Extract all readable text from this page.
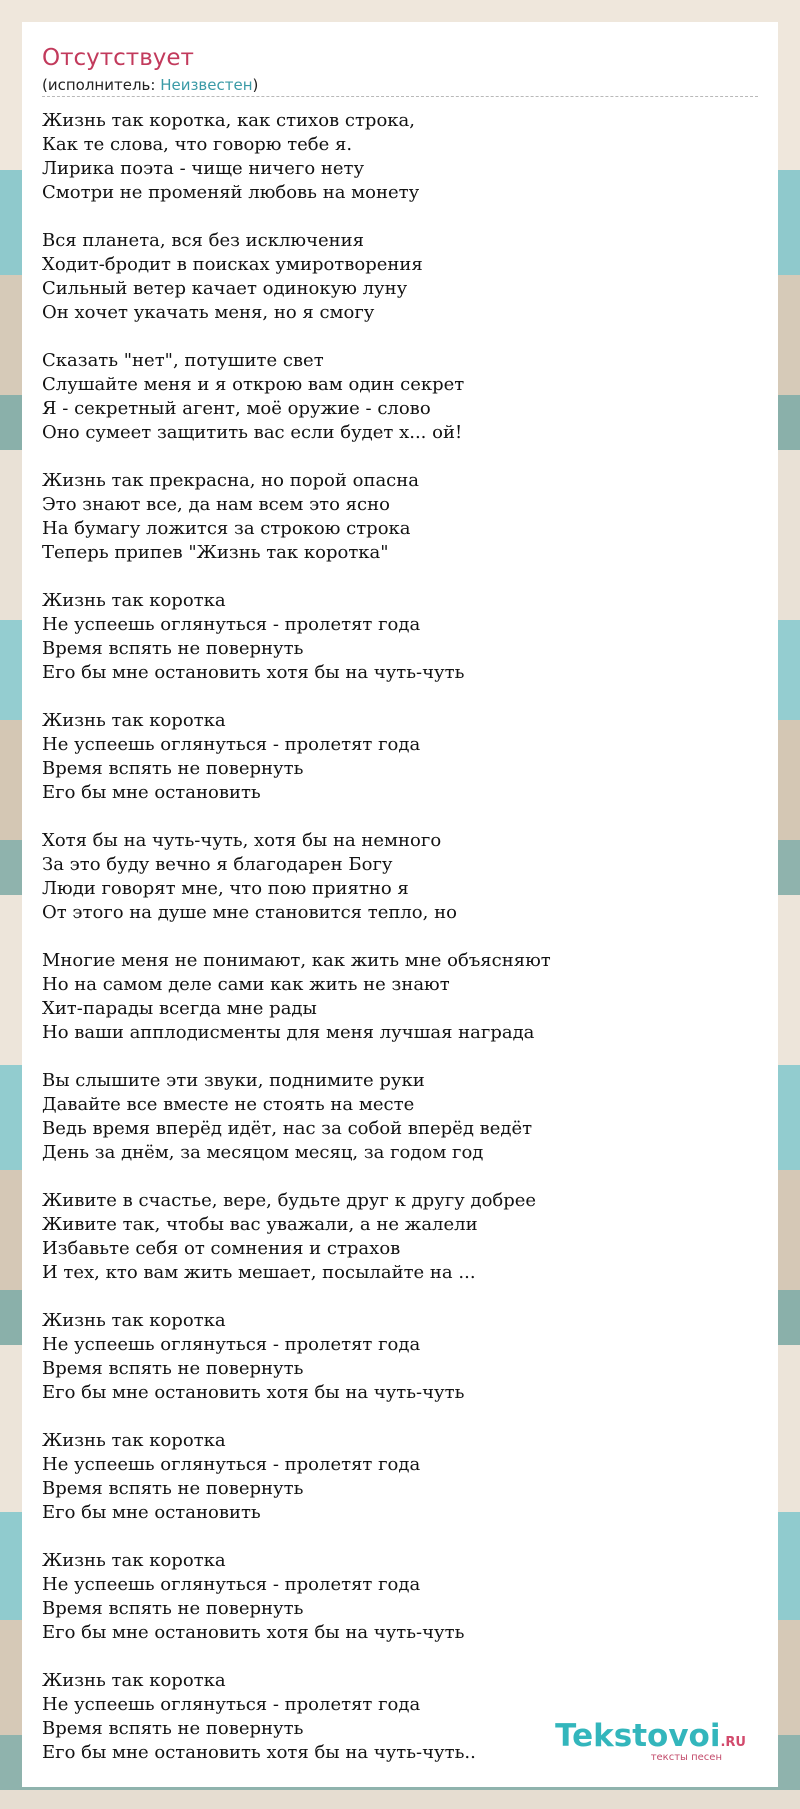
Отсутствует
(исполнитель: Неизвестен)
Жизнь так коротка, как стихов строка,
Как те слова, что говорю тебе я.
Лирика поэта - чище ничего нету
Смотри не променяй любовь на монету
Вся планета, вся без исключения
Ходит-бродит в поисках умиротворения
Сильный ветер качает одинокую луну
Он хочет укачать меня, но я смогу
Сказать "нет", потушите свет
Слушайте меня и я открою вам один секрет
Я - секретный агент, моё оружие - слово
Оно сумеет защитить вас если будет х... ой!
Жизнь так прекрасна, но порой опасна
Это знают все, да нам всем это ясно
На бумагу ложится за строкою строка
Теперь припев "Жизнь так коротка"
Жизнь так коротка
Не успеешь оглянуться - пролетят года
Время вспять не повернуть
Его бы мне остановить хотя бы на чуть-чуть
Жизнь так коротка
Не успеешь оглянуться - пролетят года
Время вспять не повернуть
Его бы мне остановить
Хотя бы на чуть-чуть, хотя бы на немного
За это буду вечно я благодарен Богу
Люди говорят мне, что пою приятно я
От этого на душе мне становится тепло, но
Многие меня не понимают, как жить мне объясняют
Но на самом деле сами как жить не знают
Хит-парады всегда мне рады
Но ваши апплодисменты для меня лучшая награда
Вы слышите эти звуки, поднимите руки
Давайте все вместе не стоять на месте
Ведь время вперёд идёт, нас за собой вперёд ведёт
День за днём, за месяцом месяц, за годом год
Живите в счастье, вере, будьте друг к другу добрее
Живите так, чтобы вас уважали, а не жалели
Избавьте себя от сомнения и страхов
И тех, кто вам жить мешает, посылайте на ...
Жизнь так коротка
Не успеешь оглянуться - пролетят года
Время вспять не повернуть
Его бы мне остановить хотя бы на чуть-чуть
Жизнь так коротка
Не успеешь оглянуться - пролетят года
Время вспять не повернуть
Его бы мне остановить
Жизнь так коротка
Не успеешь оглянуться - пролетят года
Время вспять не повернуть
Его бы мне остановить хотя бы на чуть-чуть
Жизнь так коротка
Не успеешь оглянуться - пролетят года
Время вспять не повернуть
Его бы мне остановить хотя бы на чуть-чуть..	Tekstovoi.RU
тексты песен
